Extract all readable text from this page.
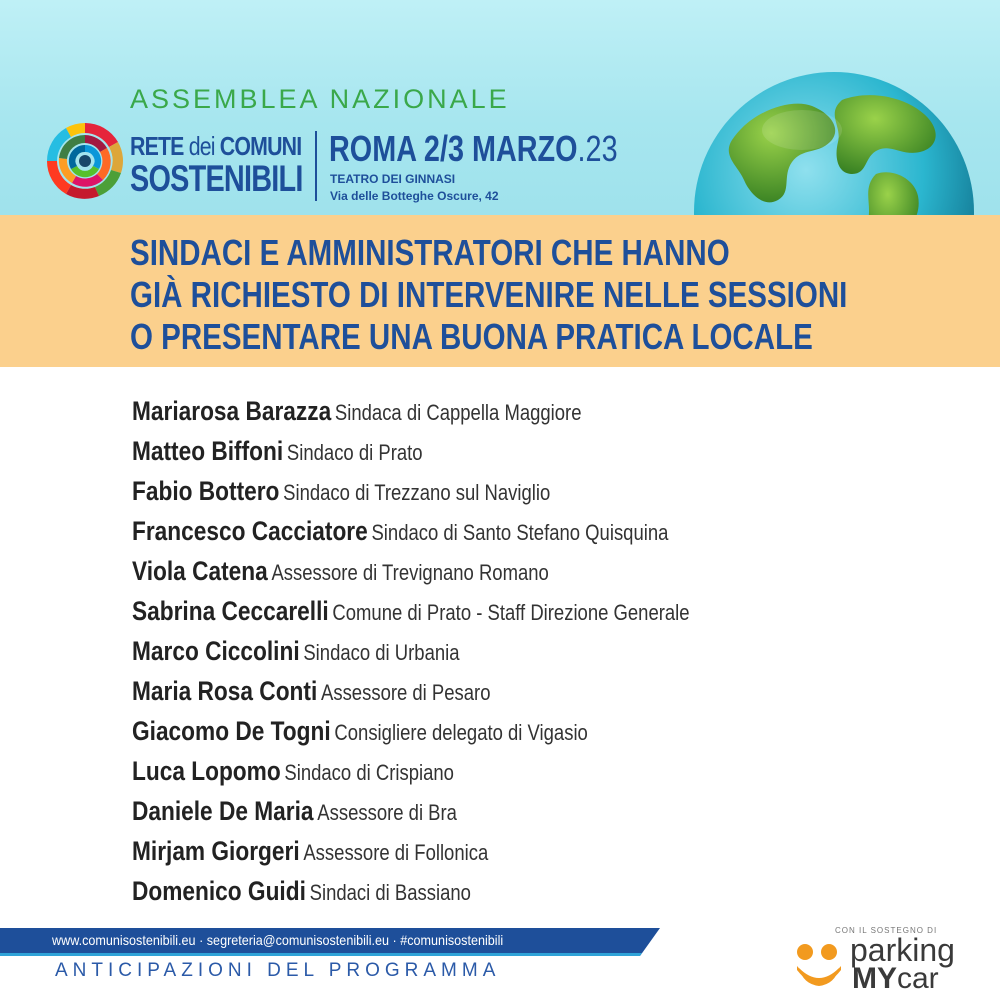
ASSEMBLEA NAZIONALE
RETE dei COMUNI
SOSTENIBILI
ROMA 2/3 MARZO.23
TEATRO DEI GINNASI
Via delle Botteghe Oscure, 42
SINDACI E AMMINISTRATORI CHE HANNO
GIÀ RICHIESTO DI INTERVENIRE NELLE SESSIONI
O PRESENTARE UNA BUONA PRATICA LOCALE
Mariarosa Barazza Sindaca di Cappella Maggiore
Matteo Biffoni Sindaco di Prato
Fabio Bottero Sindaco di Trezzano sul Naviglio
Francesco Cacciatore Sindaco di Santo Stefano Quisquina
Viola Catena Assessore di Trevignano Romano
Sabrina Ceccarelli Comune di Prato - Staff Direzione Generale
Marco Ciccolini Sindaco di Urbania
Maria Rosa Conti Assessore di Pesaro
Giacomo De Togni Consigliere delegato di Vigasio
Luca Lopomo Sindaco di Crispiano
Daniele De Maria Assessore di Bra
Mirjam Giorgeri Assessore di Follonica
Domenico Guidi Sindaci di Bassiano
www.comunisostenibili.eu · segreteria@comunisostenibili.eu · #comunisostenibili
ANTICIPAZIONI DEL PROGRAMMA
CON IL SOSTEGNO DI
parking
MYcar
